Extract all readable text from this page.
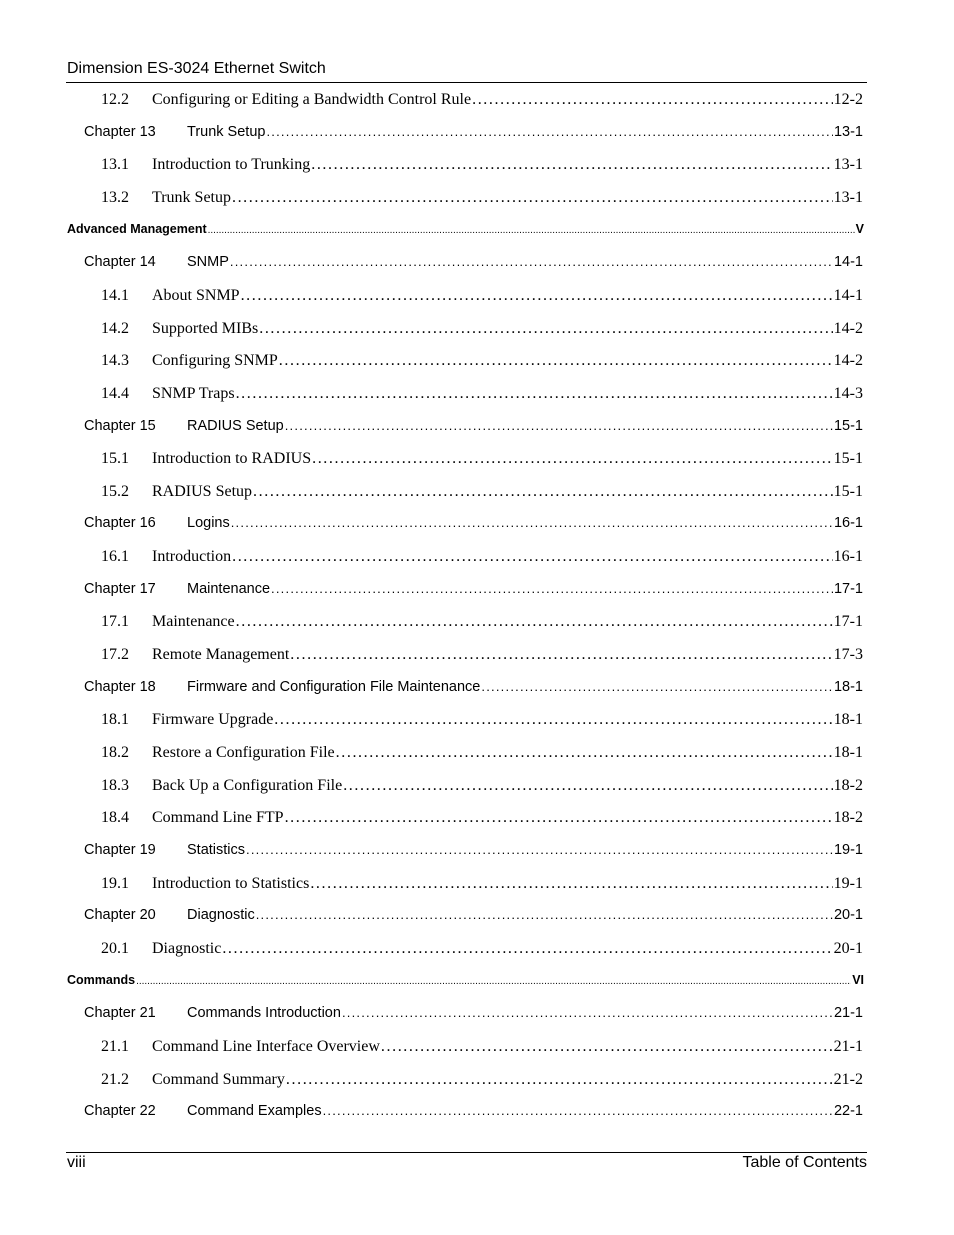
Dimension ES-3024 Ethernet Switch
12.2	Configuring or Editing a Bandwidth Control Rule . . .	12-2
Chapter 13	Trunk Setup . . .	13-1
13.1	Introduction to Trunking . . .	13-1
13.2	Trunk Setup . . .	13-1
Advanced Management . . .	V
Chapter 14	SNMP . . .	14-1
14.1	About SNMP . . .	14-1
14.2	Supported MIBs . . .	14-2
14.3	Configuring SNMP . . .	14-2
14.4	SNMP Traps . . .	14-3
Chapter 15	RADIUS Setup . . .	15-1
15.1	Introduction to RADIUS . . .	15-1
15.2	RADIUS Setup . . .	15-1
Chapter 16	Logins . . .	16-1
16.1	Introduction . . .	16-1
Chapter 17	Maintenance . . .	17-1
17.1	Maintenance . . .	17-1
17.2	Remote Management . . .	17-3
Chapter 18	Firmware and Configuration File Maintenance . . .	18-1
18.1	Firmware Upgrade . . .	18-1
18.2	Restore a Configuration File . . .	18-1
18.3	Back Up a Configuration File . . .	18-2
18.4	Command Line FTP . . .	18-2
Chapter 19	Statistics . . .	19-1
19.1	Introduction to Statistics . . .	19-1
Chapter 20	Diagnostic . . .	20-1
20.1	Diagnostic . . .	20-1
Commands . . .	VI
Chapter 21	Commands Introduction . . .	21-1
21.1	Command Line Interface Overview . . .	21-1
21.2	Command Summary . . .	21-2
Chapter 22	Command Examples . . .	22-1
viii	Table of Contents
